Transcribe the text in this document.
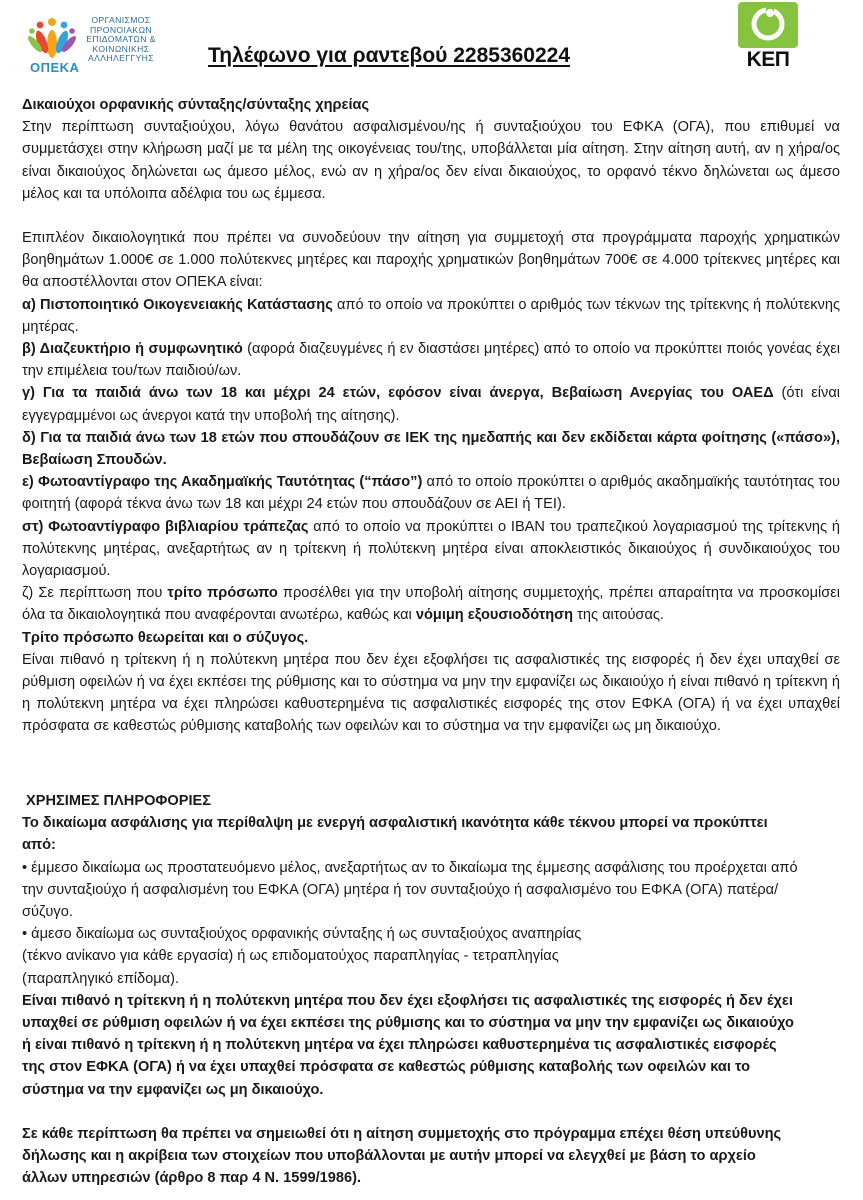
ΟΠΕΚΑ
ΟΡΓΑΝΙΣΜΟΣ
ΠΡΟΝΟΙΑΚΩΝ
ΕΠΙΔΟΜΑΤΩΝ &
ΚΟΙΝΩΝΙΚΗΣ
ΑΛΛΗΛΕΓΓΥΗΣ	Τηλέφωνο για ραντεβού 2285360224	ΚΕΠ

Δικαιούχοι ορφανικής σύνταξης/σύνταξης χηρείας

Στην περίπτωση συνταξιούχου, λόγω θανάτου ασφαλισμένου/ης ή συνταξιούχου του ΕΦΚΑ (ΟΓΑ), που επιθυμεί να συμμετάσχει στην κλήρωση μαζί με τα μέλη της οικογένειας του/της, υποβάλλεται μία αίτηση. Στην αίτηση αυτή, αν η χήρα/ος είναι δικαιούχος δηλώνεται ως άμεσο μέλος, ενώ αν η χήρα/ος δεν είναι δικαιούχος, το ορφανό τέκνο δηλώνεται ως άμεσο μέλος και τα υπόλοιπα αδέλφια του ως έμμεσα.

Επιπλέον δικαιολογητικά που πρέπει να συνοδεύουν την αίτηση για συμμετοχή στα προγράμματα παροχής χρηματικών βοηθημάτων 1.000€ σε 1.000 πολύτεκνες μητέρες και παροχής χρηματικών βοηθημάτων 700€ σε 4.000 τρίτεκνες μητέρες και θα αποστέλλονται στον ΟΠΕΚΑ είναι:

α) Πιστοποιητικό Οικογενειακής Κατάστασης από το οποίο να προκύπτει ο αριθμός των τέκνων της τρίτεκνης ή πολύτεκνης μητέρας.

β) Διαζευκτήριο ή συμφωνητικό (αφορά διαζευγμένες ή εν διαστάσει μητέρες) από το οποίο να προκύπτει ποιός γονέας έχει την επιμέλεια του/των παιδιού/ων.

γ) Για τα παιδιά άνω των 18 και μέχρι 24 ετών, εφόσον είναι άνεργα, Βεβαίωση Ανεργίας του ΟΑΕΔ (ότι είναι εγγεγραμμένοι ως άνεργοι κατά την υποβολή της αίτησης).

δ) Για τα παιδιά άνω των 18 ετών που σπουδάζουν σε ΙΕΚ της ημεδαπής και δεν εκδίδεται κάρτα φοίτησης («πάσο»), Βεβαίωση Σπουδών.

ε) Φωτοαντίγραφο της Ακαδημαϊκής Ταυτότητας (“πάσο”) από το οποίο προκύπτει ο αριθμός ακαδημαϊκής ταυτότητας του φοιτητή (αφορά τέκνα άνω των 18 και μέχρι 24 ετών που σπουδάζουν σε ΑΕΙ ή ΤΕΙ).

στ) Φωτοαντίγραφο βιβλιαρίου τράπεζας από το οποίο να προκύπτει ο IBAN του τραπεζικού λογαριασμού της τρίτεκνης ή πολύτεκνης μητέρας, ανεξαρτήτως αν η τρίτεκνη ή πολύτεκνη μητέρα είναι αποκλειστικός δικαιούχος ή συνδικαιούχος του λογαριασμού.

ζ) Σε περίπτωση που τρίτο πρόσωπο προσέλθει για την υποβολή αίτησης συμμετοχής, πρέπει απαραίτητα να προσκομίσει όλα τα δικαιολογητικά που αναφέρονται ανωτέρω, καθώς και νόμιμη εξουσιοδότηση της αιτούσας.

Τρίτο πρόσωπο θεωρείται και ο σύζυγος.

Είναι πιθανό η τρίτεκνη ή η πολύτεκνη μητέρα που δεν έχει εξοφλήσει τις ασφαλιστικές της εισφορές ή δεν έχει υπαχθεί σε ρύθμιση οφειλών ή να έχει εκπέσει της ρύθμισης και το σύστημα να μην την εμφανίζει ως δικαιούχο ή είναι πιθανό η τρίτεκνη ή η πολύτεκνη μητέρα να έχει πληρώσει καθυστερημένα τις ασφαλιστικές εισφορές της στον ΕΦΚΑ (ΟΓΑ) ή να έχει υπαχθεί πρόσφατα σε καθεστώς ρύθμισης καταβολής των οφειλών και το σύστημα να την εμφανίζει ως μη δικαιούχο.

ΧΡΗΣΙΜΕΣ ΠΛΗΡΟΦΟΡΙΕΣ

Το δικαίωμα ασφάλισης για περίθαλψη με ενεργή ασφαλιστική ικανότητα κάθε τέκνου μπορεί να προκύπτει από:

• έμμεσο δικαίωμα ως προστατευόμενο μέλος, ανεξαρτήτως αν το δικαίωμα της έμμεσης ασφάλισης του προέρχεται από την συνταξιούχο ή ασφαλισμένη του ΕΦΚΑ (ΟΓΑ) μητέρα ή τον συνταξιούχο ή ασφαλισμένο του ΕΦΚΑ (ΟΓΑ) πατέρα/σύζυγο.

• άμεσο δικαίωμα ως συνταξιούχος ορφανικής σύνταξης ή ως συνταξιούχος αναπηρίας

(τέκνο ανίκανο για κάθε εργασία) ή ως επιδοματούχος παραπληγίας - τετραπληγίας

(παραπληγικό επίδομα).

Είναι πιθανό η τρίτεκνη ή η πολύτεκνη μητέρα που δεν έχει εξοφλήσει τις ασφαλιστικές της εισφορές ή δεν έχει υπαχθεί σε ρύθμιση οφειλών ή να έχει εκπέσει της ρύθμισης και το σύστημα να μην την εμφανίζει ως δικαιούχο ή είναι πιθανό η τρίτεκνη ή η πολύτεκνη μητέρα να έχει πληρώσει καθυστερημένα τις ασφαλιστικές εισφορές της στον ΕΦΚΑ (ΟΓΑ) ή να έχει υπαχθεί πρόσφατα σε καθεστώς ρύθμισης καταβολής των οφειλών και το σύστημα να την εμφανίζει ως μη δικαιούχο.

Σε κάθε περίπτωση θα πρέπει να σημειωθεί ότι η αίτηση συμμετοχής στο πρόγραμμα επέχει θέση υπεύθυνης δήλωσης και η ακρίβεια των στοιχείων που υποβάλλονται με αυτήν μπορεί να ελεγχθεί με βάση το αρχείο άλλων υπηρεσιών (άρθρο 8 παρ 4 Ν. 1599/1986).
